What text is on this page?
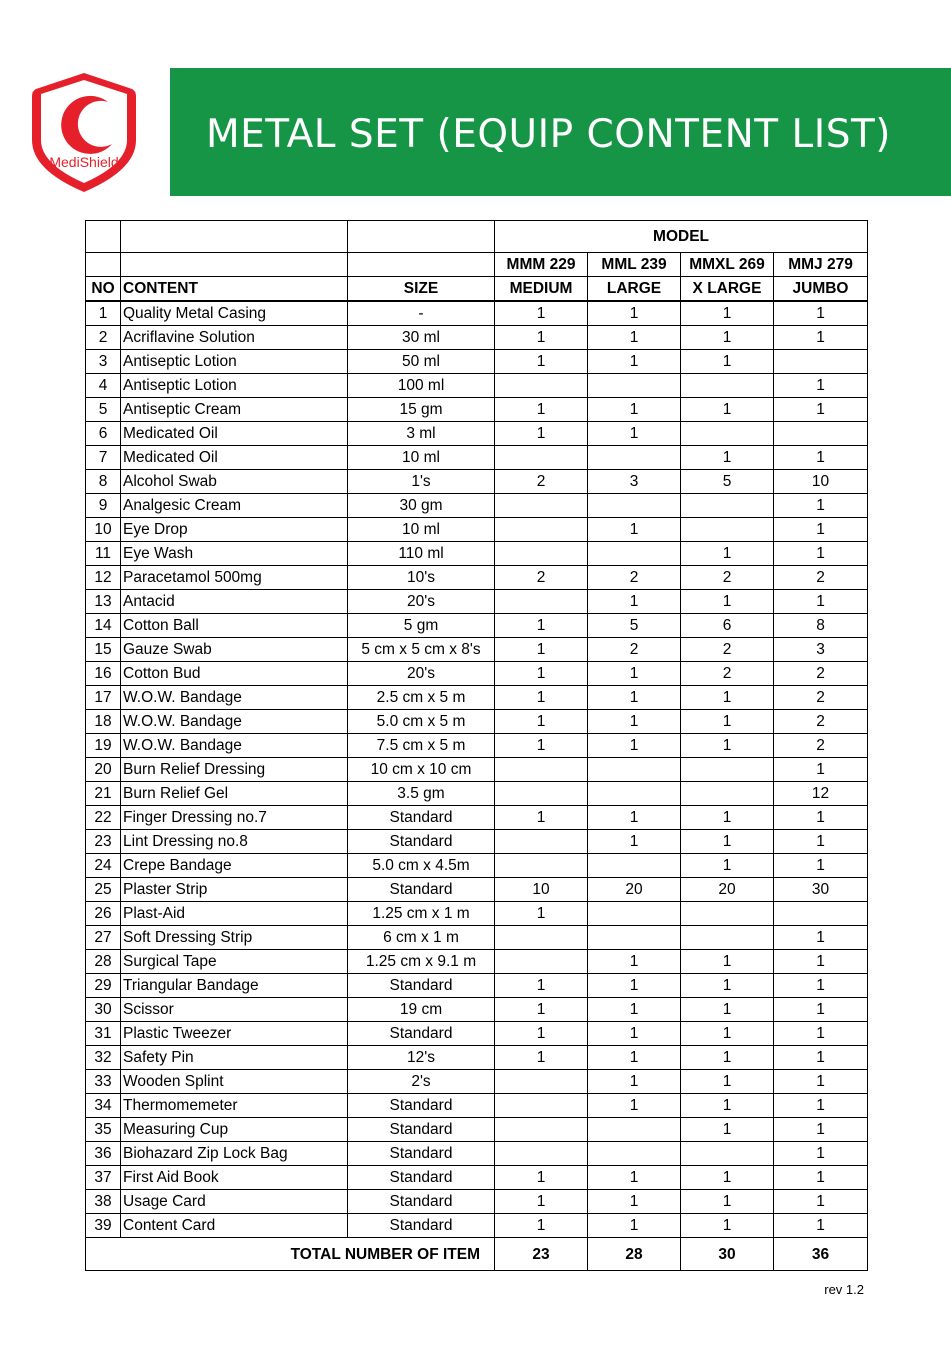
MediShield
METAL SET (EQUIP CONTENT LIST)
			MODEL			
			MMM 229	MML 239	MMXL 269	MMJ 279
NO	CONTENT	SIZE	MEDIUM	LARGE	X LARGE	JUMBO
1	Quality Metal Casing	-	1	1	1	1
2	Acriflavine Solution	30 ml	1	1	1	1
3	Antiseptic Lotion	50 ml	1	1	1	
4	Antiseptic Lotion	100 ml				1
5	Antiseptic Cream	15 gm	1	1	1	1
6	Medicated Oil	3 ml	1	1		
7	Medicated Oil	10 ml			1	1
8	Alcohol Swab	1's	2	3	5	10
9	Analgesic Cream	30 gm				1
10	Eye Drop	10 ml		1		1
11	Eye Wash	110 ml			1	1
12	Paracetamol 500mg	10's	2	2	2	2
13	Antacid	20's		1	1	1
14	Cotton Ball	5 gm	1	5	6	8
15	Gauze Swab	5 cm x 5 cm x 8's	1	2	2	3
16	Cotton Bud	20's	1	1	2	2
17	W.O.W. Bandage	2.5 cm x 5 m	1	1	1	2
18	W.O.W. Bandage	5.0 cm x 5 m	1	1	1	2
19	W.O.W. Bandage	7.5 cm x 5 m	1	1	1	2
20	Burn Relief Dressing	10 cm x 10 cm				1
21	Burn Relief Gel	3.5 gm				12
22	Finger Dressing no.7	Standard	1	1	1	1
23	Lint Dressing no.8	Standard		1	1	1
24	Crepe Bandage	5.0 cm x 4.5m			1	1
25	Plaster Strip	Standard	10	20	20	30
26	Plast-Aid	1.25 cm x 1 m	1			
27	Soft Dressing Strip	6 cm x 1 m				1
28	Surgical Tape	1.25 cm x 9.1 m		1	1	1
29	Triangular Bandage	Standard	1	1	1	1
30	Scissor	19 cm	1	1	1	1
31	Plastic Tweezer	Standard	1	1	1	1
32	Safety Pin	12's	1	1	1	1
33	Wooden Splint	2's		1	1	1
34	Thermomemeter	Standard		1	1	1
35	Measuring Cup	Standard			1	1
36	Biohazard Zip Lock Bag	Standard				1
37	First Aid Book	Standard	1	1	1	1
38	Usage Card	Standard	1	1	1	1
39	Content Card	Standard	1	1	1	1
TOTAL NUMBER OF ITEM			23	28	30	36
rev 1.2
